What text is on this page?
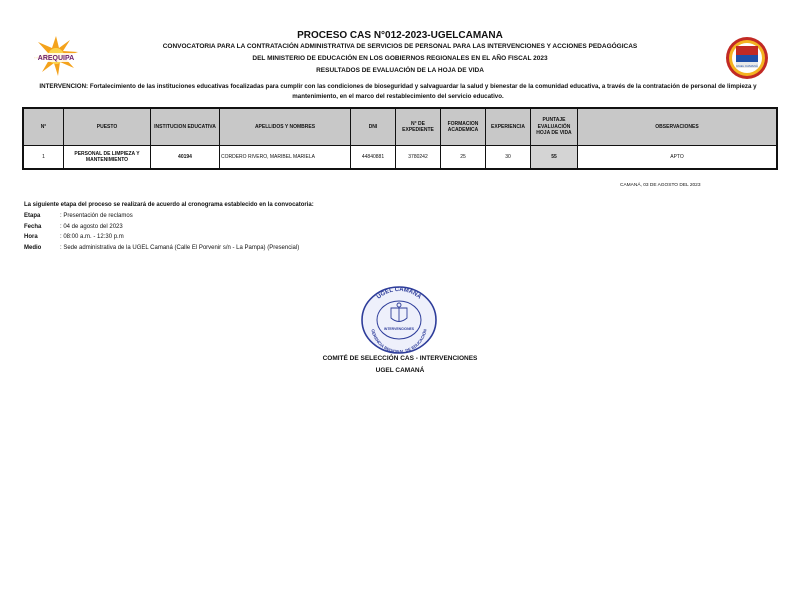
AREQUIPA
UGEL CAMANÁ
PROCESO CAS N°012-2023-UGELCAMANA
CONVOCATORIA PARA LA CONTRATACIÓN ADMINISTRATIVA DE SERVICIOS DE PERSONAL PARA LAS INTERVENCIONES Y ACCIONES PEDAGÓGICAS
DEL MINISTERIO DE EDUCACIÓN EN LOS GOBIERNOS REGIONALES EN EL AÑO FISCAL 2023
RESULTADOS DE EVALUACIÓN DE LA HOJA DE VIDA
INTERVENCION: Fortalecimiento de las instituciones educativas focalizadas para cumplir con las condiciones de bioseguridad y salvaguardar la salud y bienestar de la comunidad educativa, a través de la contratación de personal de limpieza y mantenimiento, en el marco del restablecimiento del servicio educativo.
N°	PUESTO	INSTITUCION EDUCATIVA	APELLIDOS Y NOMBRES	DNI	N° DE EXPEDIENTE	FORMACION ACADEMICA	EXPERIENCIA	PUNTAJE EVALUACIÓN HOJA DE VIDA	OBSERVACIONES
1	PERSONAL DE LIMPIEZA Y MANTENIMIENTO	40194	CORDERO RIVERO, MARIBEL MARIELA	44840881	3780242	25	30	55	APTO
CAMANÁ, 03 DE AGOSTO DEL 2023
La siguiente etapa del proceso se realizará de acuerdo al cronograma establecido en la convocatoria:
Etapa	: Presentación de reclamos
Fecha	: 04 de agosto del 2023
Hora	: 08:00 a.m. - 12:30 p.m
Medio	: Sede administrativa de la UGEL Camaná (Calle El Porvenir s/n - La Pampa) (Presencial)
UGEL CAMANÁ
GERENCIA REGIONAL DE EDUCACIÓN
INTERVENCIONES
COMITÉ DE SELECCIÓN CAS - INTERVENCIONES
UGEL CAMANÁ
